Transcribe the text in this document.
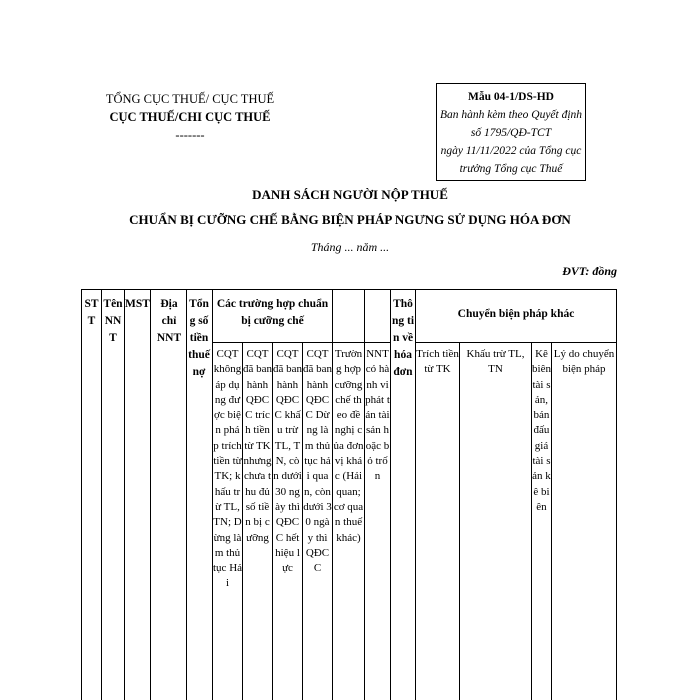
TỔNG CỤC THUẾ/ CỤC THUẾ
CỤC THUẾ/CHI CỤC THUẾ
-------
Mẫu 04-1/DS-HD
Ban hành kèm theo Quyết định
số 1795/QĐ-TCT
ngày 11/11/2022 của Tổng cục
trưởng Tổng cục Thuế
DANH SÁCH NGƯỜI NỘP THUẾ
CHUẨN BỊ CƯỠNG CHẾ BẰNG BIỆN PHÁP NGƯNG SỬ DỤNG HÓA ĐƠN
Tháng ... năm ...
ĐVT: đồng
STT
Tên NNT
MST Địa chỉ NNT
Tổng số tiền thuế nợ
Các trường hợp chuẩn bị cưỡng chế
Thông tin về hóa đơn
Chuyển biện pháp khác
CQT không áp dụng được biện pháp trích tiền từ TK; khấu trừ TL,TN; Dừng làm thủ tục Hải
CQT đã ban hành QĐCC trích tiền từ TK nhưng chưa thu đủ số tiền bị cưỡng
CQT đã ban hành QĐCC khấu trừ TL, TN, còn dưới 30 ngày thì QĐCC hết hiệu lực
CQT đã ban hành QĐCC Dừng làm thủ tục hải quan, còn dưới 30 ngày thì QĐCC
Trường hợp cưỡng chế theo đề nghị của đơn vị khác (Hải quan; cơ quan thuế khác)
NNT có hành vi phát tán tài sản hoặc bỏ trốn
Trích tiền từ TK
Khấu trừ TL, TN
Kê biên tài sản, bán đấu giá tài sản kê biên
Lý do chuyển biện pháp
